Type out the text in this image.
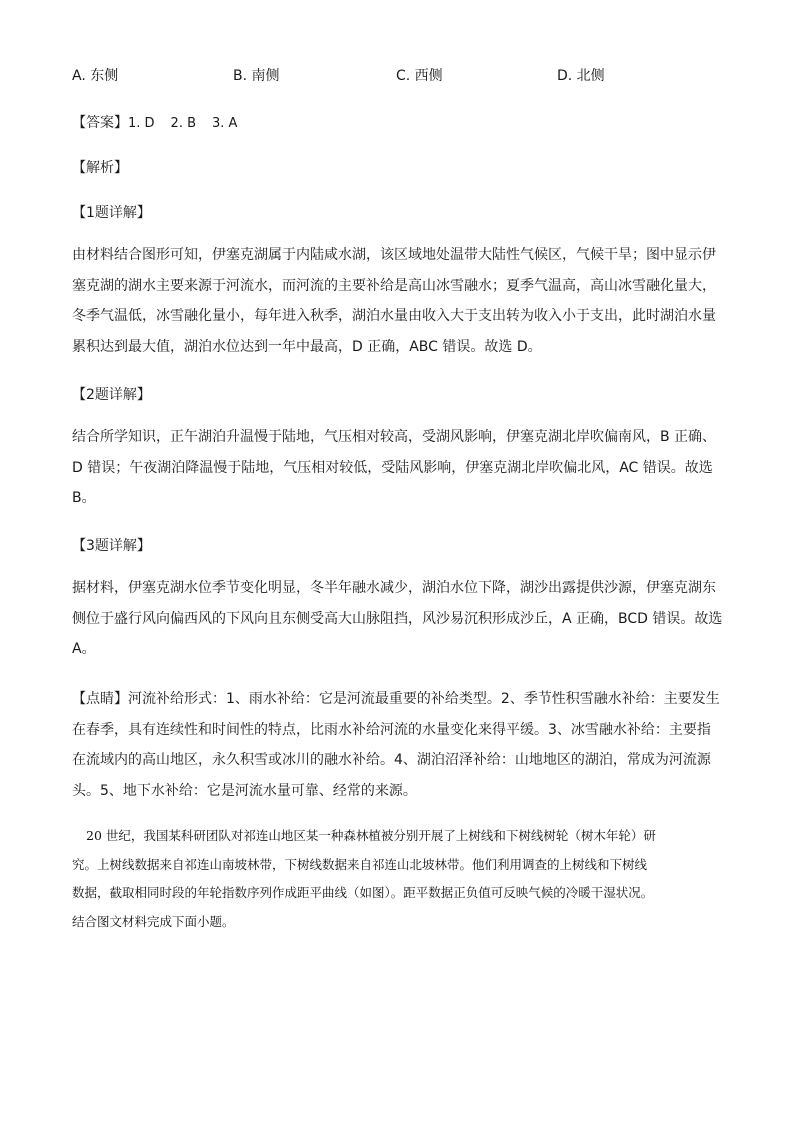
A. 东侧	B. 南侧	C. 西侧	D. 北侧
【答案】1. D 2. B 3. A
【解析】
【1题详解】
由材料结合图形可知，伊塞克湖属于内陆咸水湖，该区域地处温带大陆性气候区，气候干旱；图中显示伊
塞克湖的湖水主要来源于河流水，而河流的主要补给是高山冰雪融水；夏季气温高，高山冰雪融化量大，
冬季气温低，冰雪融化量小，每年进入秋季，湖泊水量由收入大于支出转为收入小于支出，此时湖泊水量
累积达到最大值，湖泊水位达到一年中最高，D 正确，ABC 错误。故选 D。
【2题详解】
结合所学知识，正午湖泊升温慢于陆地，气压相对较高，受湖风影响，伊塞克湖北岸吹偏南风，B 正确、
D 错误；午夜湖泊降温慢于陆地，气压相对较低，受陆风影响，伊塞克湖北岸吹偏北风，AC 错误。故选
B。
【3题详解】
据材料，伊塞克湖水位季节变化明显，冬半年融水减少，湖泊水位下降，湖沙出露提供沙源，伊塞克湖东
侧位于盛行风向偏西风的下风向且东侧受高大山脉阻挡，风沙易沉积形成沙丘，A 正确，BCD 错误。故选
A。
【点睛】河流补给形式：1、雨水补给：它是河流最重要的补给类型。2、季节性积雪融水补给：主要发生
在春季，具有连续性和时间性的特点，比雨水补给河流的水量变化来得平缓。3、冰雪融水补给：主要指
在流域内的高山地区，永久积雪或冰川的融水补给。4、湖泊沼泽补给：山地地区的湖泊，常成为河流源
头。5、地下水补给：它是河流水量可靠、经常的来源。
20 世纪，我国某科研团队对祁连山地区某一种森林植被分别开展了上树线和下树线树轮（树木年轮）研
究。上树线数据来自祁连山南坡林带，下树线数据来自祁连山北坡林带。他们利用调查的上树线和下树线
数据，截取相同时段的年轮指数序列作成距平曲线（如图）。距平数据正负值可反映气候的冷暖干湿状况。
结合图文材料完成下面小题。
